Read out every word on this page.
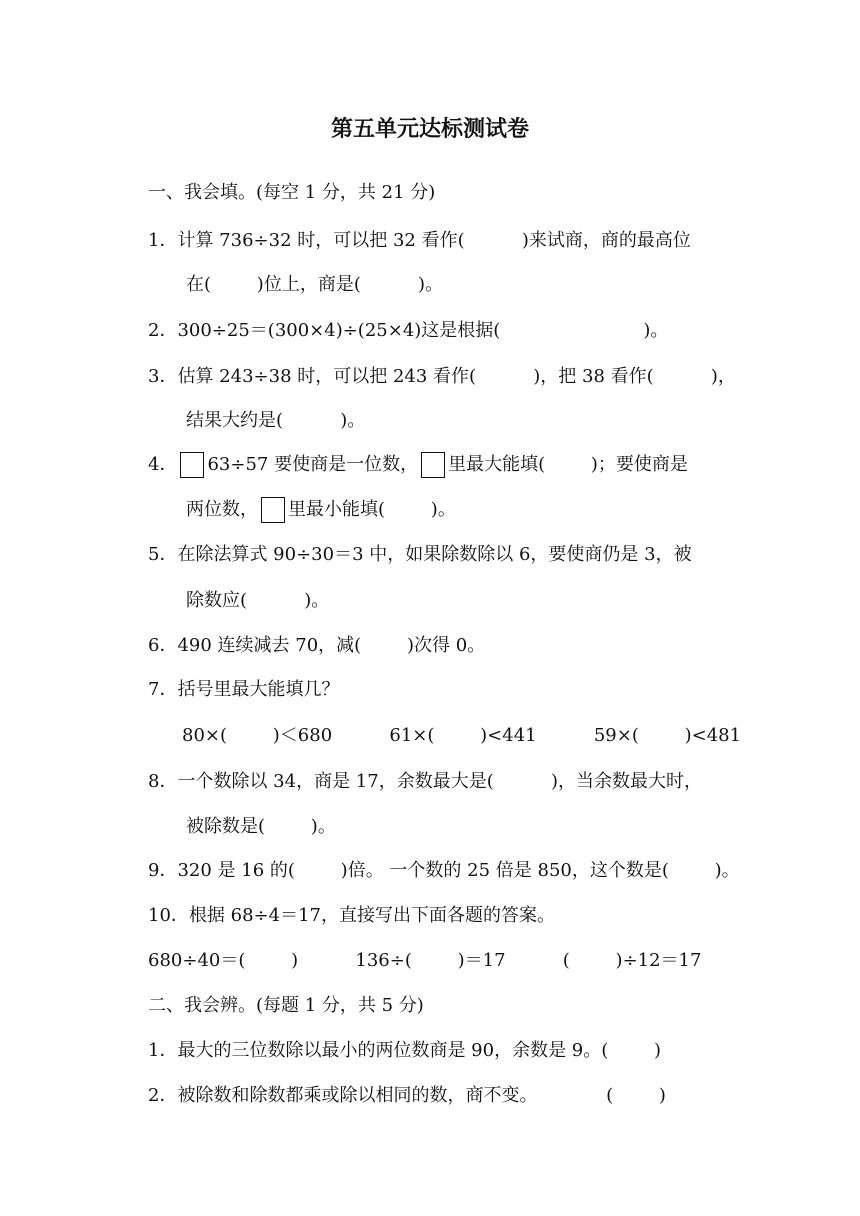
第五单元达标测试卷
一、我会填。(每空 1 分，共 21 分)
1．计算 736÷32 时，可以把 32 看作(          )来试商，商的最高位
在(        )位上，商是(          )。
2．300÷25＝(300×4)÷(25×4)这是根据(                         )。
3．估算 243÷38 时，可以把 243 看作(          )，把 38 看作(          )，
结果大约是(          )。
4． 63÷57 要使商是一位数， 里最大能填(        )；要使商是
两位数， 里最小能填(        )。
5．在除法算式 90÷30＝3 中，如果除数除以 6，要使商仍是 3，被
除数应(          )。
6．490 连续减去 70，减(        )次得 0。
7．括号里最大能填几？
80×(        )＜680          61×(        )<441          59×(        )<481
8．一个数除以 34，商是 17，余数最大是(          )，当余数最大时，
被除数是(        )。
9．320 是 16 的(        )倍。 一个数的 25 倍是 850，这个数是(        )。
10．根据 68÷4＝17，直接写出下面各题的答案。
680÷40＝(        )          136÷(        )＝17          (        )÷12＝17
二、我会辨。(每题 1 分，共 5 分)
1．最大的三位数除以最小的两位数商是 90，余数是 9。(        )
2．被除数和除数都乘或除以相同的数，商不变。            (        )
